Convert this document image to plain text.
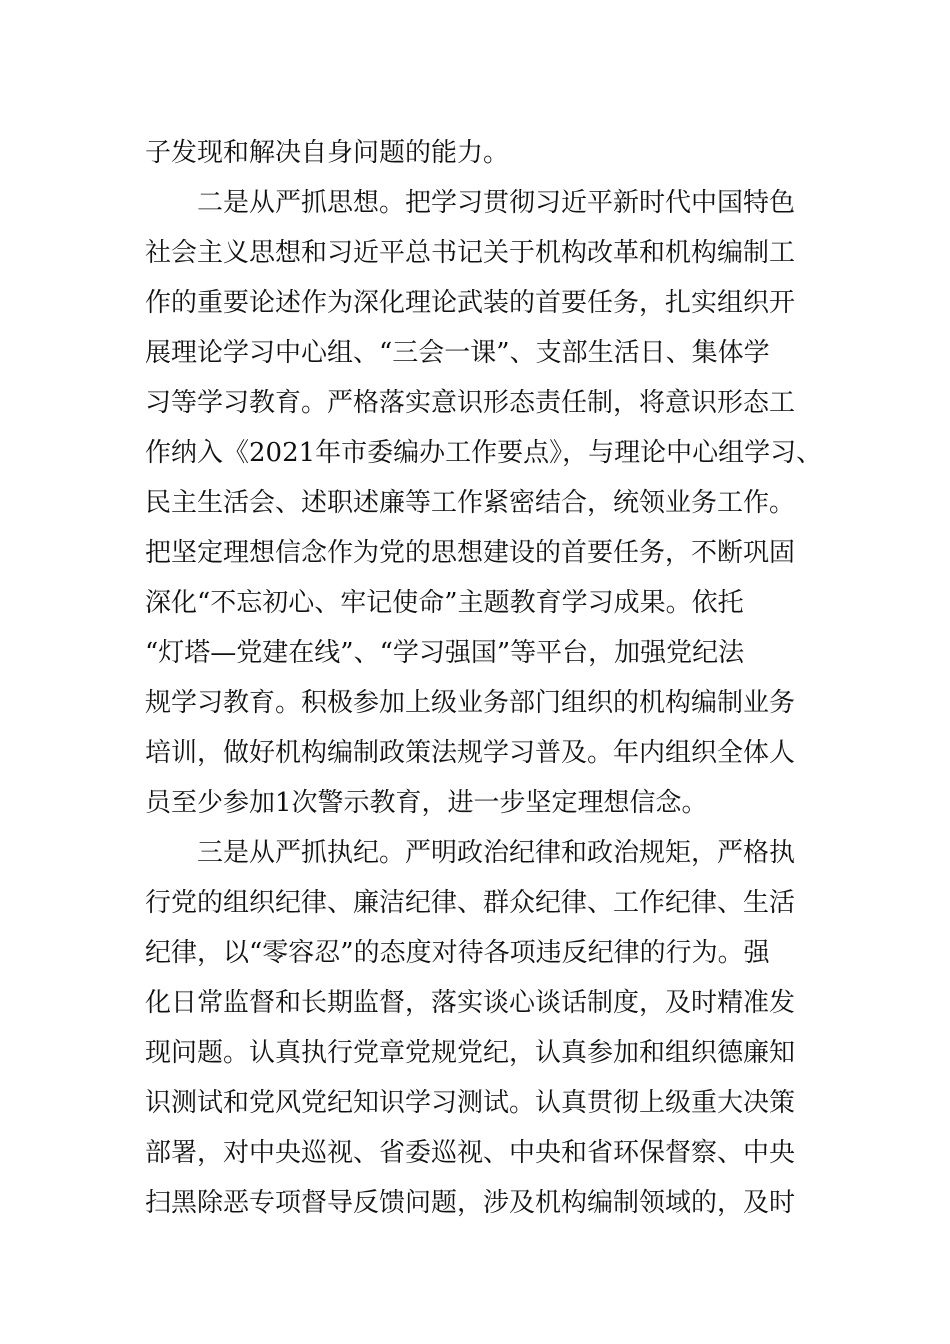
子发现和解决自身问题的能力。
二是从严抓思想。把学习贯彻习近平新时代中国特色
社会主义思想和习近平总书记关于机构改革和机构编制工
作的重要论述作为深化理论武装的首要任务，扎实组织开
展理论学习中心组、“三会一课”、支部生活日、集体学
习等学习教育。严格落实意识形态责任制，将意识形态工
作纳入《2021年市委编办工作要点》，与理论中心组学习、
民主生活会、述职述廉等工作紧密结合，统领业务工作。
把坚定理想信念作为党的思想建设的首要任务，不断巩固
深化“不忘初心、牢记使命”主题教育学习成果。依托
“灯塔—党建在线”、“学习强国”等平台，加强党纪法
规学习教育。积极参加上级业务部门组织的机构编制业务
培训，做好机构编制政策法规学习普及。年内组织全体人
员至少参加1次警示教育，进一步坚定理想信念。
三是从严抓执纪。严明政治纪律和政治规矩，严格执
行党的组织纪律、廉洁纪律、群众纪律、工作纪律、生活
纪律，以“零容忍”的态度对待各项违反纪律的行为。强
化日常监督和长期监督，落实谈心谈话制度，及时精准发
现问题。认真执行党章党规党纪，认真参加和组织德廉知
识测试和党风党纪知识学习测试。认真贯彻上级重大决策
部署，对中央巡视、省委巡视、中央和省环保督察、中央
扫黑除恶专项督导反馈问题，涉及机构编制领域的，及时
